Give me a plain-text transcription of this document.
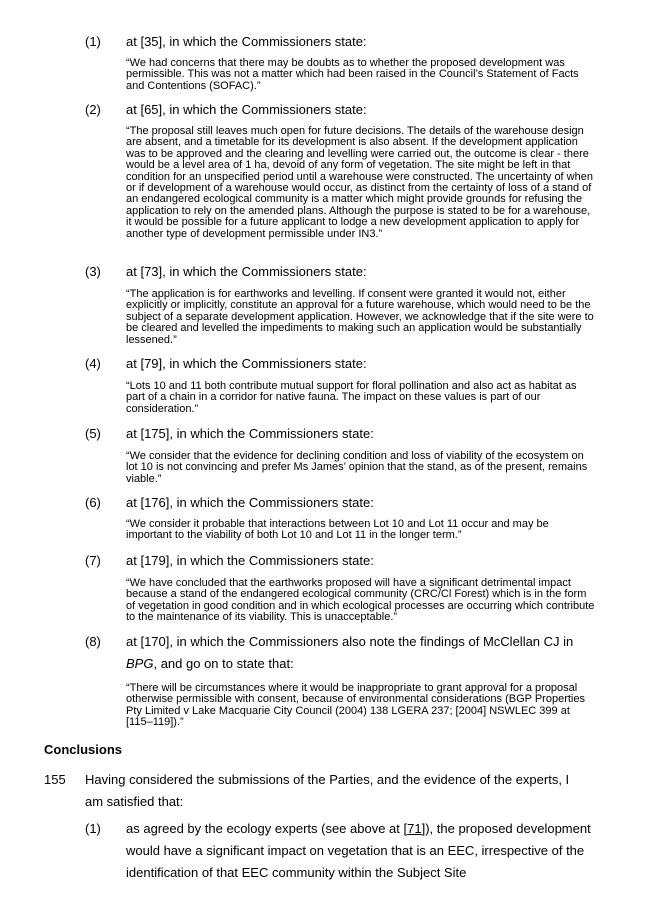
(1) at [35], in which the Commissioners state:
“We had concerns that there may be doubts as to whether the proposed development was permissible. This was not a matter which had been raised in the Council’s Statement of Facts and Contentions (SOFAC).”
(2) at [65], in which the Commissioners state:
“The proposal still leaves much open for future decisions. The details of the warehouse design are absent, and a timetable for its development is also absent. If the development application was to be approved and the clearing and levelling were carried out, the outcome is clear - there would be a level area of 1 ha, devoid of any form of vegetation. The site might be left in that condition for an unspecified period until a warehouse were constructed. The uncertainty of when or if development of a warehouse would occur, as distinct from the certainty of loss of a stand of an endangered ecological community is a matter which might provide grounds for refusing the application to rely on the amended plans. Although the purpose is stated to be for a warehouse, it would be possible for a future applicant to lodge a new development application to apply for another type of development permissible under IN3.”
(3) at [73], in which the Commissioners state:
“The application is for earthworks and levelling. If consent were granted it would not, either explicitly or implicitly, constitute an approval for a future warehouse, which would need to be the subject of a separate development application. However, we acknowledge that if the site were to be cleared and levelled the impediments to making such an application would be substantially lessened.”
(4) at [79], in which the Commissioners state:
“Lots 10 and 11 both contribute mutual support for floral pollination and also act as habitat as part of a chain in a corridor for native fauna. The impact on these values is part of our consideration.”
(5) at [175], in which the Commissioners state:
“We consider that the evidence for declining condition and loss of viability of the ecosystem on lot 10 is not convincing and prefer Ms James’ opinion that the stand, as of the present, remains viable.”
(6) at [176], in which the Commissioners state:
“We consider it probable that interactions between Lot 10 and Lot 11 occur and may be important to the viability of both Lot 10 and Lot 11 in the longer term.”
(7) at [179], in which the Commissioners state:
“We have concluded that the earthworks proposed will have a significant detrimental impact because a stand of the endangered ecological community (CRC/Cl Forest) which is in the form of vegetation in good condition and in which ecological processes are occurring which contribute to the maintenance of its viability. This is unacceptable.”
(8) at [170], in which the Commissioners also note the findings of McClellan CJ in
BPG, and go on to state that:
“There will be circumstances where it would be inappropriate to grant approval for a proposal otherwise permissible with consent, because of environmental considerations (BGP Properties Pty Limited v Lake Macquarie City Council (2004) 138 LGERA 237; [2004] NSWLEC 399 at [115–119]).”
Conclusions
155 Having considered the submissions of the Parties, and the evidence of the experts, I am satisfied that:
(1) as agreed by the ecology experts (see above at [71]), the proposed development would have a significant impact on vegetation that is an EEC, irrespective of the identification of that EEC community within the Subject Site
